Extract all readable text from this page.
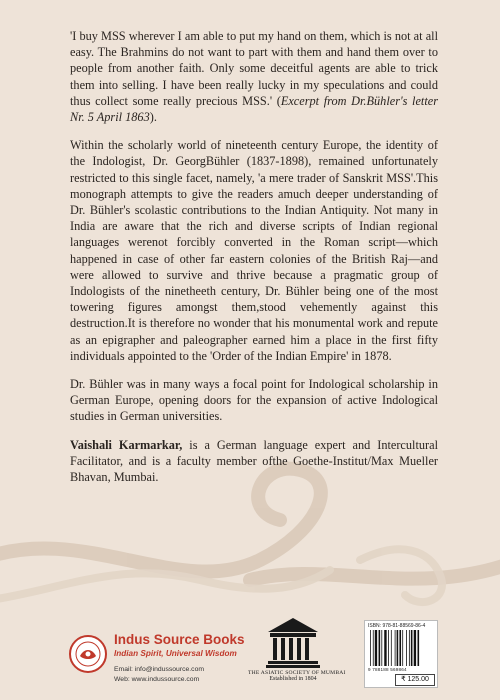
'I buy MSS wherever I am able to put my hand on them, which is not at all easy. The Brahmins do not want to part with them and hand them over to people from another faith. Only some deceitful agents are able to trick them into selling. I have been really lucky in my speculations and could thus collect some really precious MSS.' (Excerpt from Dr.Bühler's letter Nr. 5 April 1863).

Within the scholarly world of nineteenth century Europe, the identity of the Indologist, Dr. GeorgBühler (1837-1898), remained unfortunately restricted to this single facet, namely, 'a mere trader of Sanskrit MSS'.This monograph attempts to give the readers amuch deeper understanding of Dr. Bühler's scolastic contributions to the Indian Antiquity. Not many in India are aware that the rich and diverse scripts of Indian regional languages werenot forcibly converted in the Roman script—which happened in case of other far eastern colonies of the British Raj—and were allowed to survive and thrive because a pragmatic group of Indologists of the ninetheeth century, Dr. Bühler being one of the most towering figures amongst them,stood vehemently against this destruction.It is therefore no wonder that his monumental work and repute as an epigrapher and paleographer earned him a place in the first fifty individuals appointed to the 'Order of the Indian Empire' in 1878.

Dr. Bühler was in many ways a focal point for Indological scholarship in German Europe, opening doors for the expansion of active Indological studies in German universities.

Vaishali Karmarkar, is a German language expert and Intercultural Facilitator, and is a faculty member ofthe Goethe-Institut/Max Mueller Bhavan, Mumbai.

Indus Source Books
Indian Spirit, Universal Wisdom
Email: info@indussource.com
Web: www.indussource.com
THE ASIATIC SOCIETY OF MUMBAI
Established in 1804
ISBN: 978-81-88569-86-4
9 788188 569864
₹ 125.00
